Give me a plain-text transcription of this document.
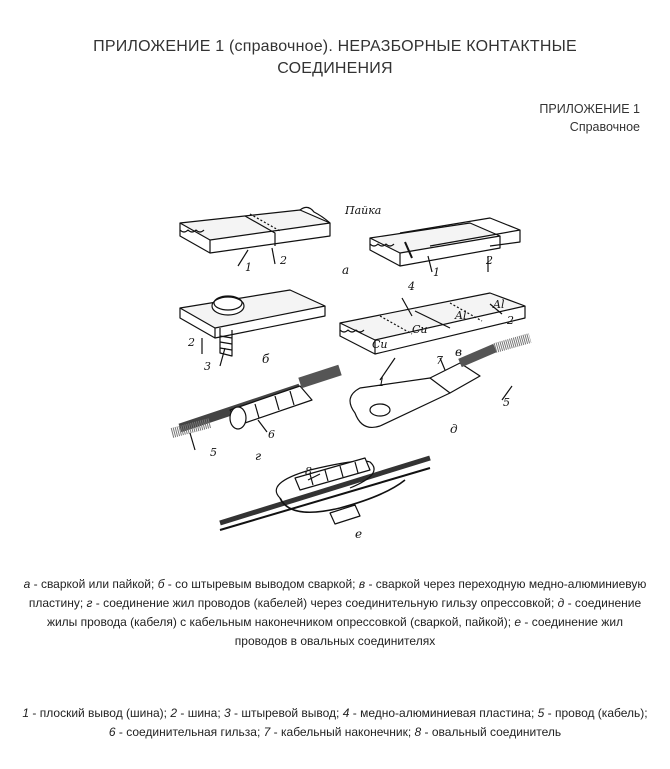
ПРИЛОЖЕНИЕ 1 (справочное). НЕРАЗБОРНЫЕ КОНТАКТНЫЕ СОЕДИНЕНИЯ
ПРИЛОЖЕНИЕ 1
Справочное
1
2
1
2
2
3
4
2
1
5
6
7
5
8
Пайка
Cu
Cu
Al
Al
а
б	в
г
д
е
а - сваркой или пайкой; б - со штыревым выводом сваркой; в - сваркой через переходную медно-алюминиевую пластину; г - соединение жил проводов (кабелей) через соединительную гильзу опрессовкой; д - соединение жилы провода (кабеля) с кабельным наконечником опрессовкой (сваркой, пайкой); е - соединение жил проводов в овальных соединителях
1 - плоский вывод (шина); 2 - шина; 3 - штыревой вывод; 4 - медно-алюминиевая пластина; 5 - провод (кабель); 6 - соединительная гильза; 7 - кабельный наконечник; 8 - овальный соединитель
